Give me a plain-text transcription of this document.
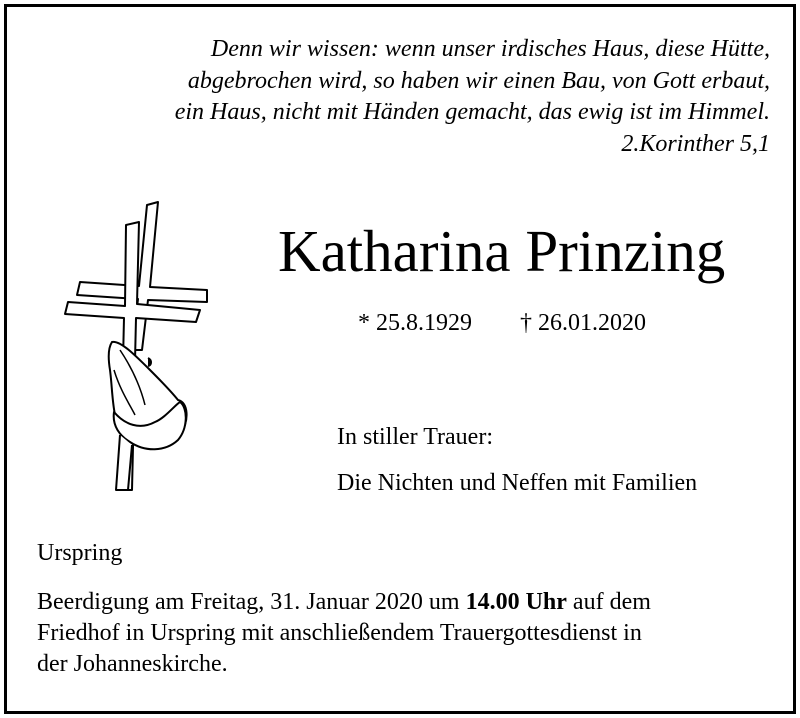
Denn wir wissen: wenn unser irdisches Haus, diese Hütte,
abgebrochen wird, so haben wir einen Bau, von Gott erbaut,
ein Haus, nicht mit Händen gemacht, das ewig ist im Himmel.
2.Korinther 5,1
Katharina Prinzing
* 25.8.1929 † 26.01.2020
In stiller Trauer:
Die Nichten und Neffen mit Familien
Urspring
Beerdigung am Freitag, 31. Januar 2020 um 14.00 Uhr auf dem
Friedhof in Urspring mit anschließendem Trauergottesdienst in
der Johanneskirche.
